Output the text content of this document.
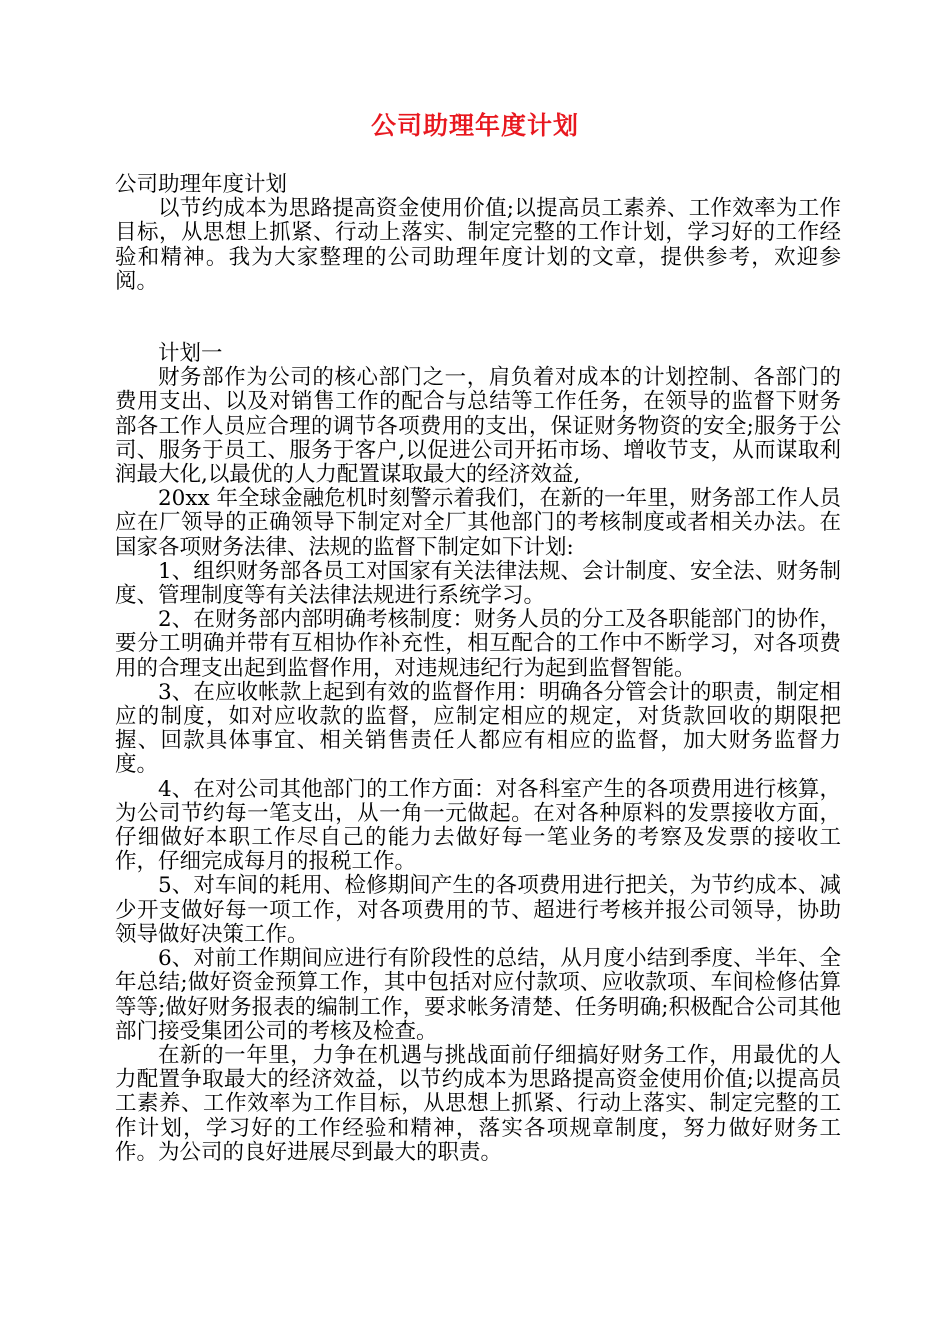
公司助理年度计划

公司助理年度计划

以节约成本为思路提高资金使用价值;以提高员工素养、工作效率为工作目标，从思想上抓紧、行动上落实、制定完整的工作计划，学习好的工作经验和精神。我为大家整理的公司助理年度计划的文章，提供参考，欢迎参阅。

计划一

财务部作为公司的核心部门之一，肩负着对成本的计划控制、各部门的费用支出、以及对销售工作的配合与总结等工作任务，在领导的监督下财务部各工作人员应合理的调节各项费用的支出，保证财务物资的安全;服务于公司、服务于员工、服务于客户,以促进公司开拓市场、增收节支，从而谋取利润最大化,以最优的人力配置谋取最大的经济效益,

20xx 年全球金融危机时刻警示着我们，在新的一年里，财务部工作人员应在厂领导的正确领导下制定对全厂其他部门的考核制度或者相关办法。在国家各项财务法律、法规的监督下制定如下计划:

1、组织财务部各员工对国家有关法律法规、会计制度、安全法、财务制度、管理制度等有关法律法规进行系统学习。

2、在财务部内部明确考核制度：财务人员的分工及各职能部门的协作，要分工明确并带有互相协作补充性，相互配合的工作中不断学习，对各项费用的合理支出起到监督作用，对违规违纪行为起到监督智能。

3、在应收帐款上起到有效的监督作用：明确各分管会计的职责，制定相应的制度，如对应收款的监督，应制定相应的规定，对货款回收的期限把握、回款具体事宜、相关销售责任人都应有相应的监督，加大财务监督力度。

4、在对公司其他部门的工作方面：对各科室产生的各项费用进行核算，为公司节约每一笔支出，从一角一元做起。在对各种原料的发票接收方面，仔细做好本职工作尽自己的能力去做好每一笔业务的考察及发票的接收工作，仔细完成每月的报税工作。

5、对车间的耗用、检修期间产生的各项费用进行把关，为节约成本、减少开支做好每一项工作，对各项费用的节、超进行考核并报公司领导，协助领导做好决策工作。

6、对前工作期间应进行有阶段性的总结，从月度小结到季度、半年、全年总结;做好资金预算工作，其中包括对应付款项、应收款项、车间检修估算等等;做好财务报表的编制工作，要求帐务清楚、任务明确;积极配合公司其他部门接受集团公司的考核及检查。

在新的一年里，力争在机遇与挑战面前仔细搞好财务工作，用最优的人力配置争取最大的经济效益，以节约成本为思路提高资金使用价值;以提高员工素养、工作效率为工作目标，从思想上抓紧、行动上落实、制定完整的工作计划，学习好的工作经验和精神，落实各项规章制度，努力做好财务工作。为公司的良好进展尽到最大的职责。
